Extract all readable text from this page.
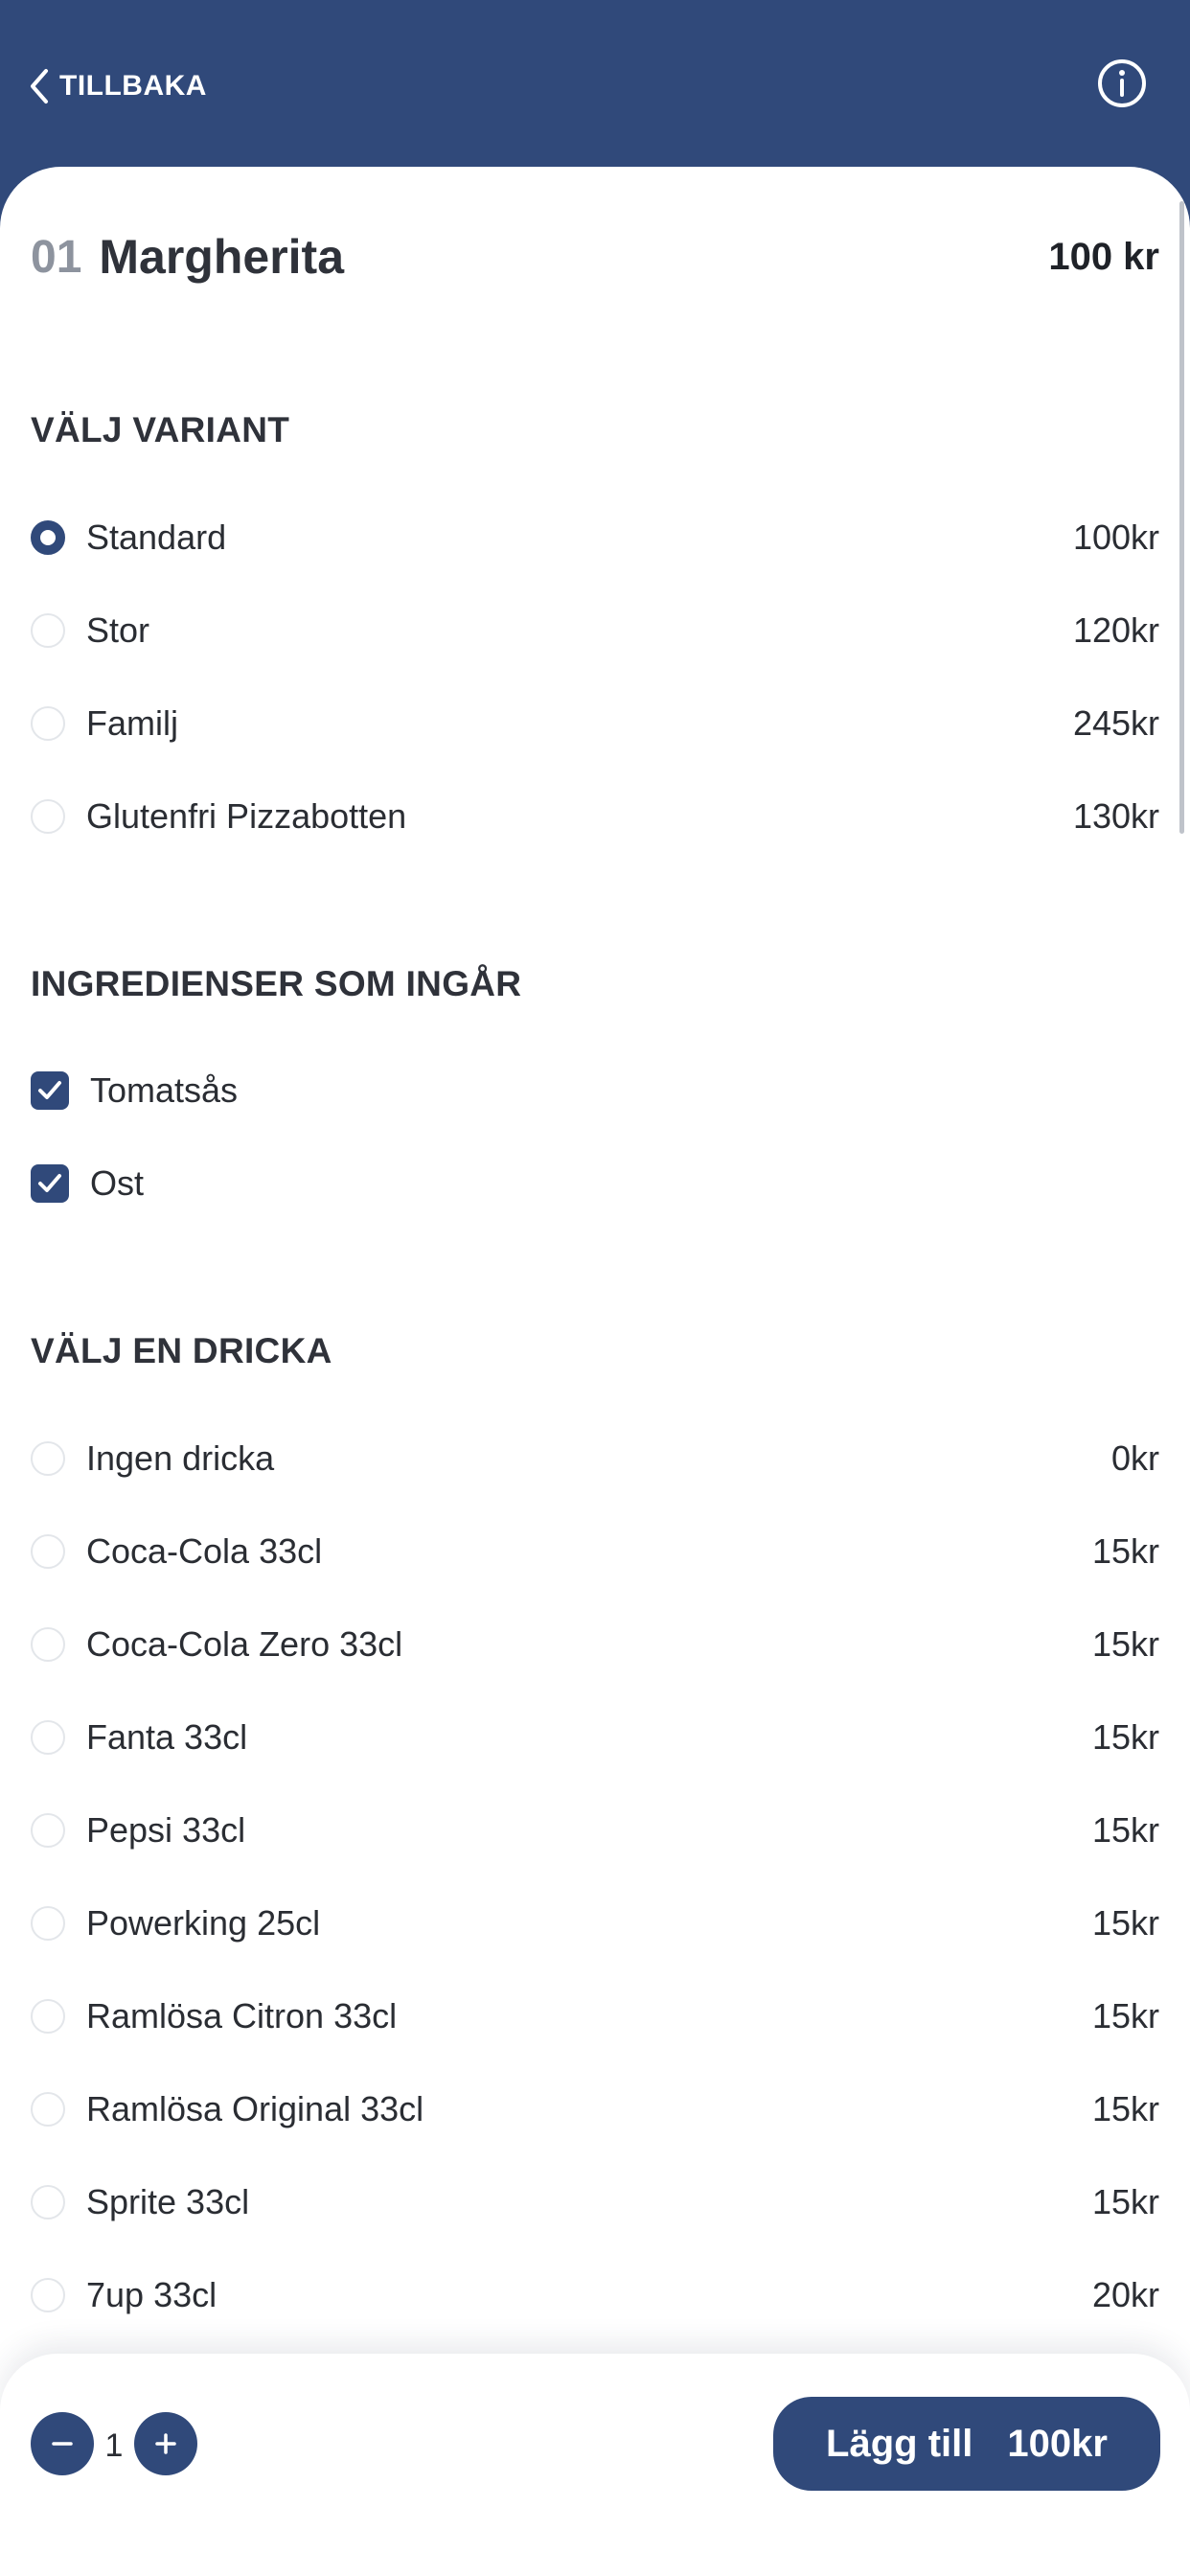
TILLBAKA
01 Margherita	100 kr
VÄLJ VARIANT
Standard	100kr
Stor	120kr
Familj	245kr
Glutenfri Pizzabotten	130kr
INGREDIENSER SOM INGÅR
Tomatsås
Ost
VÄLJ EN DRICKA
Ingen dricka	0kr
Coca-Cola 33cl	15kr
Coca-Cola Zero 33cl	15kr
Fanta 33cl	15kr
Pepsi 33cl	15kr
Powerking 25cl	15kr
Ramlösa Citron 33cl	15kr
Ramlösa Original 33cl	15kr
Sprite 33cl	15kr
7up 33cl	20kr
1	Lägg till 100kr
